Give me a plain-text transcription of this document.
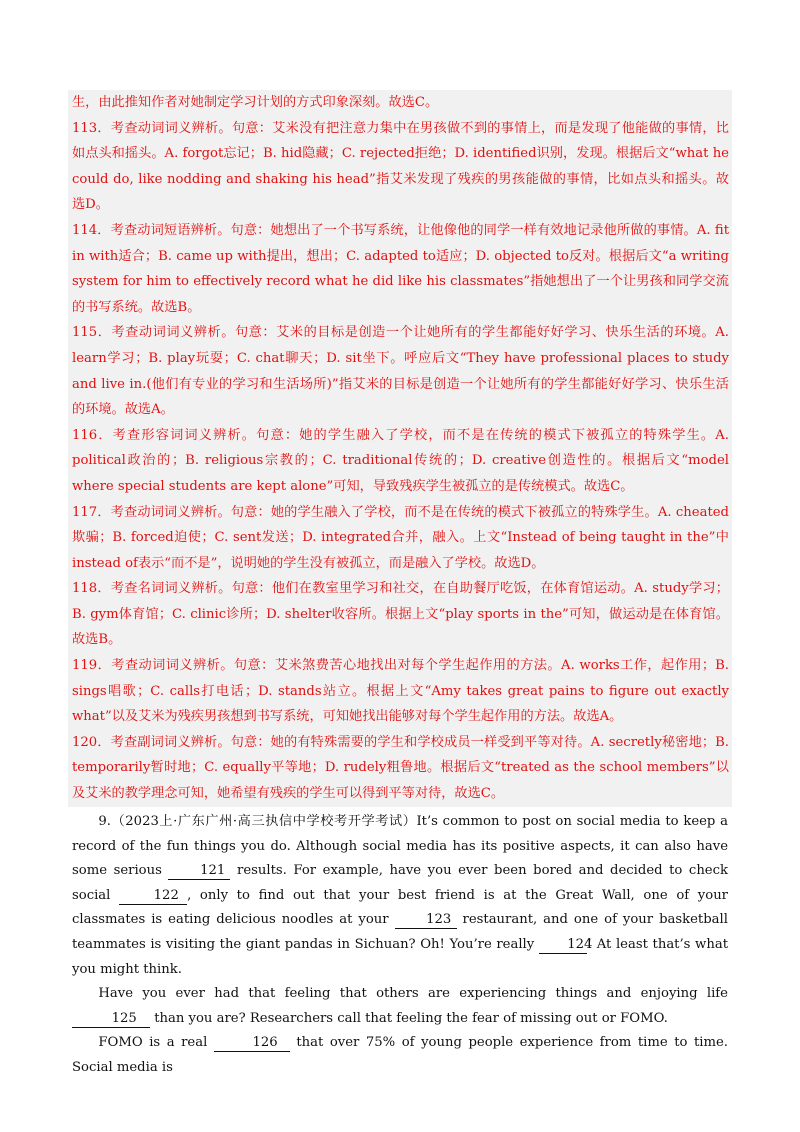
生，由此推知作者对她制定学习计划的方式印象深刻。故选C。

113．考查动词词义辨析。句意：艾米没有把注意力集中在男孩做不到的事情上，而是发现了他能做的事情，比如点头和摇头。A. forgot忘记；B. hid隐藏；C. rejected拒绝；D. identified识别，发现。根据后文“what he could do, like nodding and shaking his head”指艾米发现了残疾的男孩能做的事情，比如点头和摇头。故选D。

114．考查动词短语辨析。句意：她想出了一个书写系统，让他像他的同学一样有效地记录他所做的事情。A. fit in with适合；B. came up with提出，想出；C. adapted to适应；D. objected to反对。根据后文“a writing system for him to effectively record what he did like his classmates”指她想出了一个让男孩和同学交流的书写系统。故选B。

115．考查动词词义辨析。句意：艾米的目标是创造一个让她所有的学生都能好好学习、快乐生活的环境。A. learn学习；B. play玩耍；C. chat聊天；D. sit坐下。呼应后文“They have professional places to study and live in.(他们有专业的学习和生活场所)”指艾米的目标是创造一个让她所有的学生都能好好学习、快乐生活的环境。故选A。

116．考查形容词词义辨析。句意：她的学生融入了学校，而不是在传统的模式下被孤立的特殊学生。A. political政治的；B. religious宗教的；C. traditional传统的；D. creative创造性的。根据后文“model where special students are kept alone”可知，导致残疾学生被孤立的是传统模式。故选C。

117．考查动词词义辨析。句意：她的学生融入了学校，而不是在传统的模式下被孤立的特殊学生。A. cheated欺骗；B. forced迫使；C. sent发送；D. integrated合并，融入。上文“Instead of being taught in the”中instead of表示“而不是”，说明她的学生没有被孤立，而是融入了学校。故选D。

118．考查名词词义辨析。句意：他们在教室里学习和社交，在自助餐厅吃饭，在体育馆运动。A. study学习；B. gym体育馆；C. clinic诊所；D. shelter收容所。根据上文“play sports in the”可知，做运动是在体育馆。故选B。

119．考查动词词义辨析。句意：艾米煞费苦心地找出对每个学生起作用的方法。A. works工作，起作用；B. sings唱歌；C. calls打电话；D. stands站立。根据上文“Amy takes great pains to figure out exactly what”以及艾米为残疾男孩想到书写系统，可知她找出能够对每个学生起作用的方法。故选A。

120．考查副词词义辨析。句意：她的有特殊需要的学生和学校成员一样受到平等对待。A. secretly秘密地；B. temporarily暂时地；C. equally平等地；D. rudely粗鲁地。根据后文“treated as the school members”以及艾米的教学理念可知，她希望有残疾的学生可以得到平等对待，故选C。

9.（2023上·广东广州·高三执信中学校考开学考试）It’s common to post on social media to keep a record of the fun things you do. Although social media has its positive aspects, it can also have some serious 121 results. For example, have you ever been bored and decided to check social	122 , only to find out that your best friend is at the Great Wall, one of your classmates is eating delicious noodles at your 123 restaurant, and one of your basketball teammates is visiting the giant pandas in Sichuan? Oh! You’re really 124! At least that’s what you might think.

Have you ever had that feeling that others are experiencing things and enjoying life 125 than you are? Researchers call that feeling the fear of missing out or FOMO.

FOMO is a real	126 that over 75% of young people experience from time to time. Social media is
